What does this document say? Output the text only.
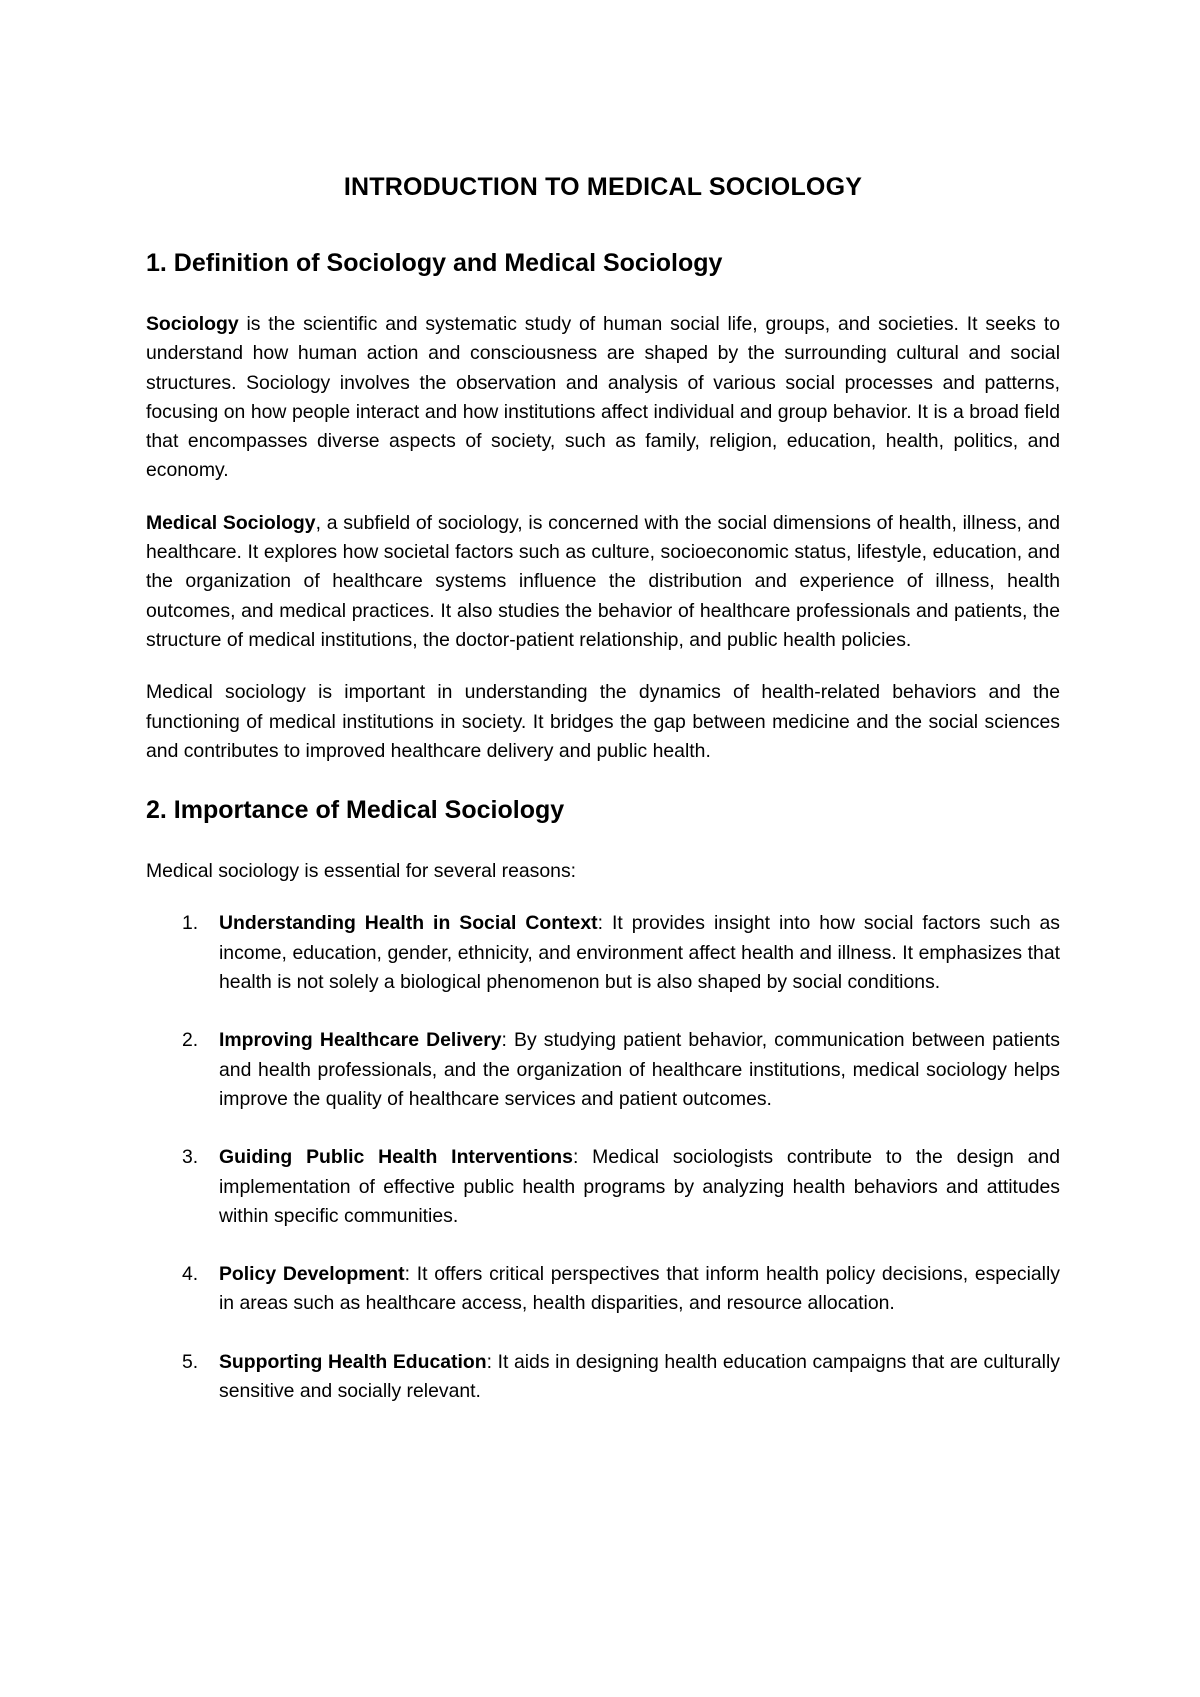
INTRODUCTION TO MEDICAL SOCIOLOGY
1. Definition of Sociology and Medical Sociology

Sociology is the scientific and systematic study of human social life, groups, and societies. It seeks to understand how human action and consciousness are shaped by the surrounding cultural and social structures. Sociology involves the observation and analysis of various social processes and patterns, focusing on how people interact and how institutions affect individual and group behavior. It is a broad field that encompasses diverse aspects of society, such as family, religion, education, health, politics, and economy.

Medical Sociology, a subfield of sociology, is concerned with the social dimensions of health, illness, and healthcare. It explores how societal factors such as culture, socioeconomic status, lifestyle, education, and the organization of healthcare systems influence the distribution and experience of illness, health outcomes, and medical practices. It also studies the behavior of healthcare professionals and patients, the structure of medical institutions, the doctor-patient relationship, and public health policies.

Medical sociology is important in understanding the dynamics of health-related behaviors and the functioning of medical institutions in society. It bridges the gap between medicine and the social sciences and contributes to improved healthcare delivery and public health.

2. Importance of Medical Sociology

Medical sociology is essential for several reasons:

1. Understanding Health in Social Context: It provides insight into how social factors such as income, education, gender, ethnicity, and environment affect health and illness. It emphasizes that health is not solely a biological phenomenon but is also shaped by social conditions.
2. Improving Healthcare Delivery: By studying patient behavior, communication between patients and health professionals, and the organization of healthcare institutions, medical sociology helps improve the quality of healthcare services and patient outcomes.
3. Guiding Public Health Interventions: Medical sociologists contribute to the design and implementation of effective public health programs by analyzing health behaviors and attitudes within specific communities.
4. Policy Development: It offers critical perspectives that inform health policy decisions, especially in areas such as healthcare access, health disparities, and resource allocation.
5. Supporting Health Education: It aids in designing health education campaigns that are culturally sensitive and socially relevant.
